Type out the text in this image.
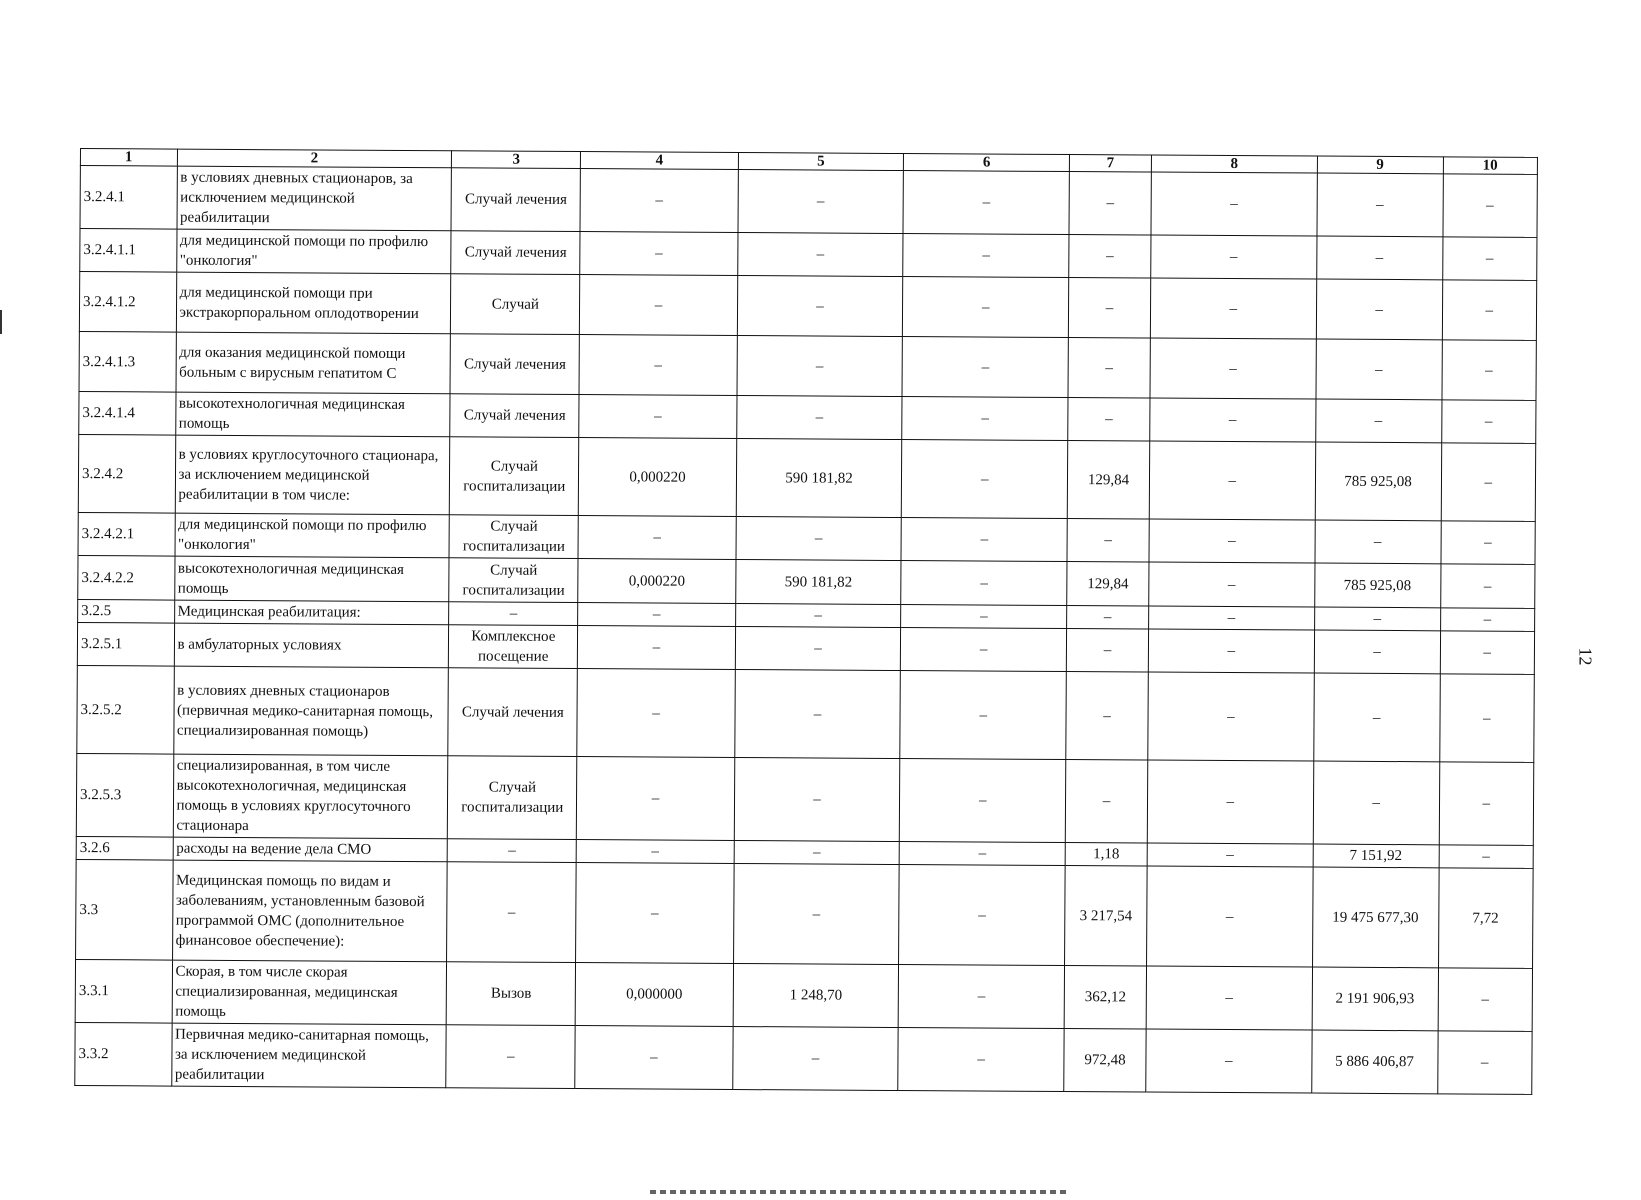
1	2	3	4	5	6	7	8	9	10
3.2.4.1	в условиях дневных стационаров, за исключением медицинской реабилитации	Случай лечения	–	–	–	–	–	–	–
3.2.4.1.1	для медицинской помощи по профилю "онкология"	Случай лечения	–	–	–	–	–	–	–
3.2.4.1.2	для медицинской помощи при экстракорпоральном оплодотворении	Случай	–	–	–	–	–	–	–
3.2.4.1.3	для оказания медицинской помощи больным с вирусным гепатитом С	Случай лечения	–	–	–	–	–	–	–
3.2.4.1.4	высокотехнологичная медицинская помощь	Случай лечения	–	–	–	–	–	–	–
3.2.4.2	в условиях круглосуточного стационара, за исключением медицинской реабилитации в том числе:	Случай госпитализации	0,000220	590 181,82	–	129,84	–	785 925,08	–
3.2.4.2.1	для медицинской помощи по профилю "онкология"	Случай госпитализации	–	–	–	–	–	–	–
3.2.4.2.2	высокотехнологичная медицинская помощь	Случай госпитализации	0,000220	590 181,82	–	129,84	–	785 925,08	–
3.2.5	Медицинская реабилитация:	–	–	–	–	–	–	–	–
3.2.5.1	в амбулаторных условиях	Комплексное посещение	–	–	–	–	–	–	–
3.2.5.2	в условиях дневных стационаров (первичная медико-санитарная помощь, специализированная помощь)	Случай лечения	–	–	–	–	–	–	–
3.2.5.3	специализированная, в том числе высокотехнологичная, медицинская помощь в условиях круглосуточного стационара	Случай госпитализации	–	–	–	–	–	–	–
3.2.6	расходы на ведение дела СМО	–	–	–	–	1,18	–	7 151,92	–
3.3	Медицинская помощь по видам и заболеваниям, установленным базовой программой ОМС (дополнительное финансовое обеспечение):	–	–	–	–	3 217,54	–	19 475 677,30	7,72
3.3.1	Скорая, в том числе скорая специализированная, медицинская помощь	Вызов	0,000000	1 248,70	–	362,12	–	2 191 906,93	–
3.3.2	Первичная медико-санитарная помощь, за исключением медицинской реабилитации	–	–	–	–	972,48	–	5 886 406,87	–
12
